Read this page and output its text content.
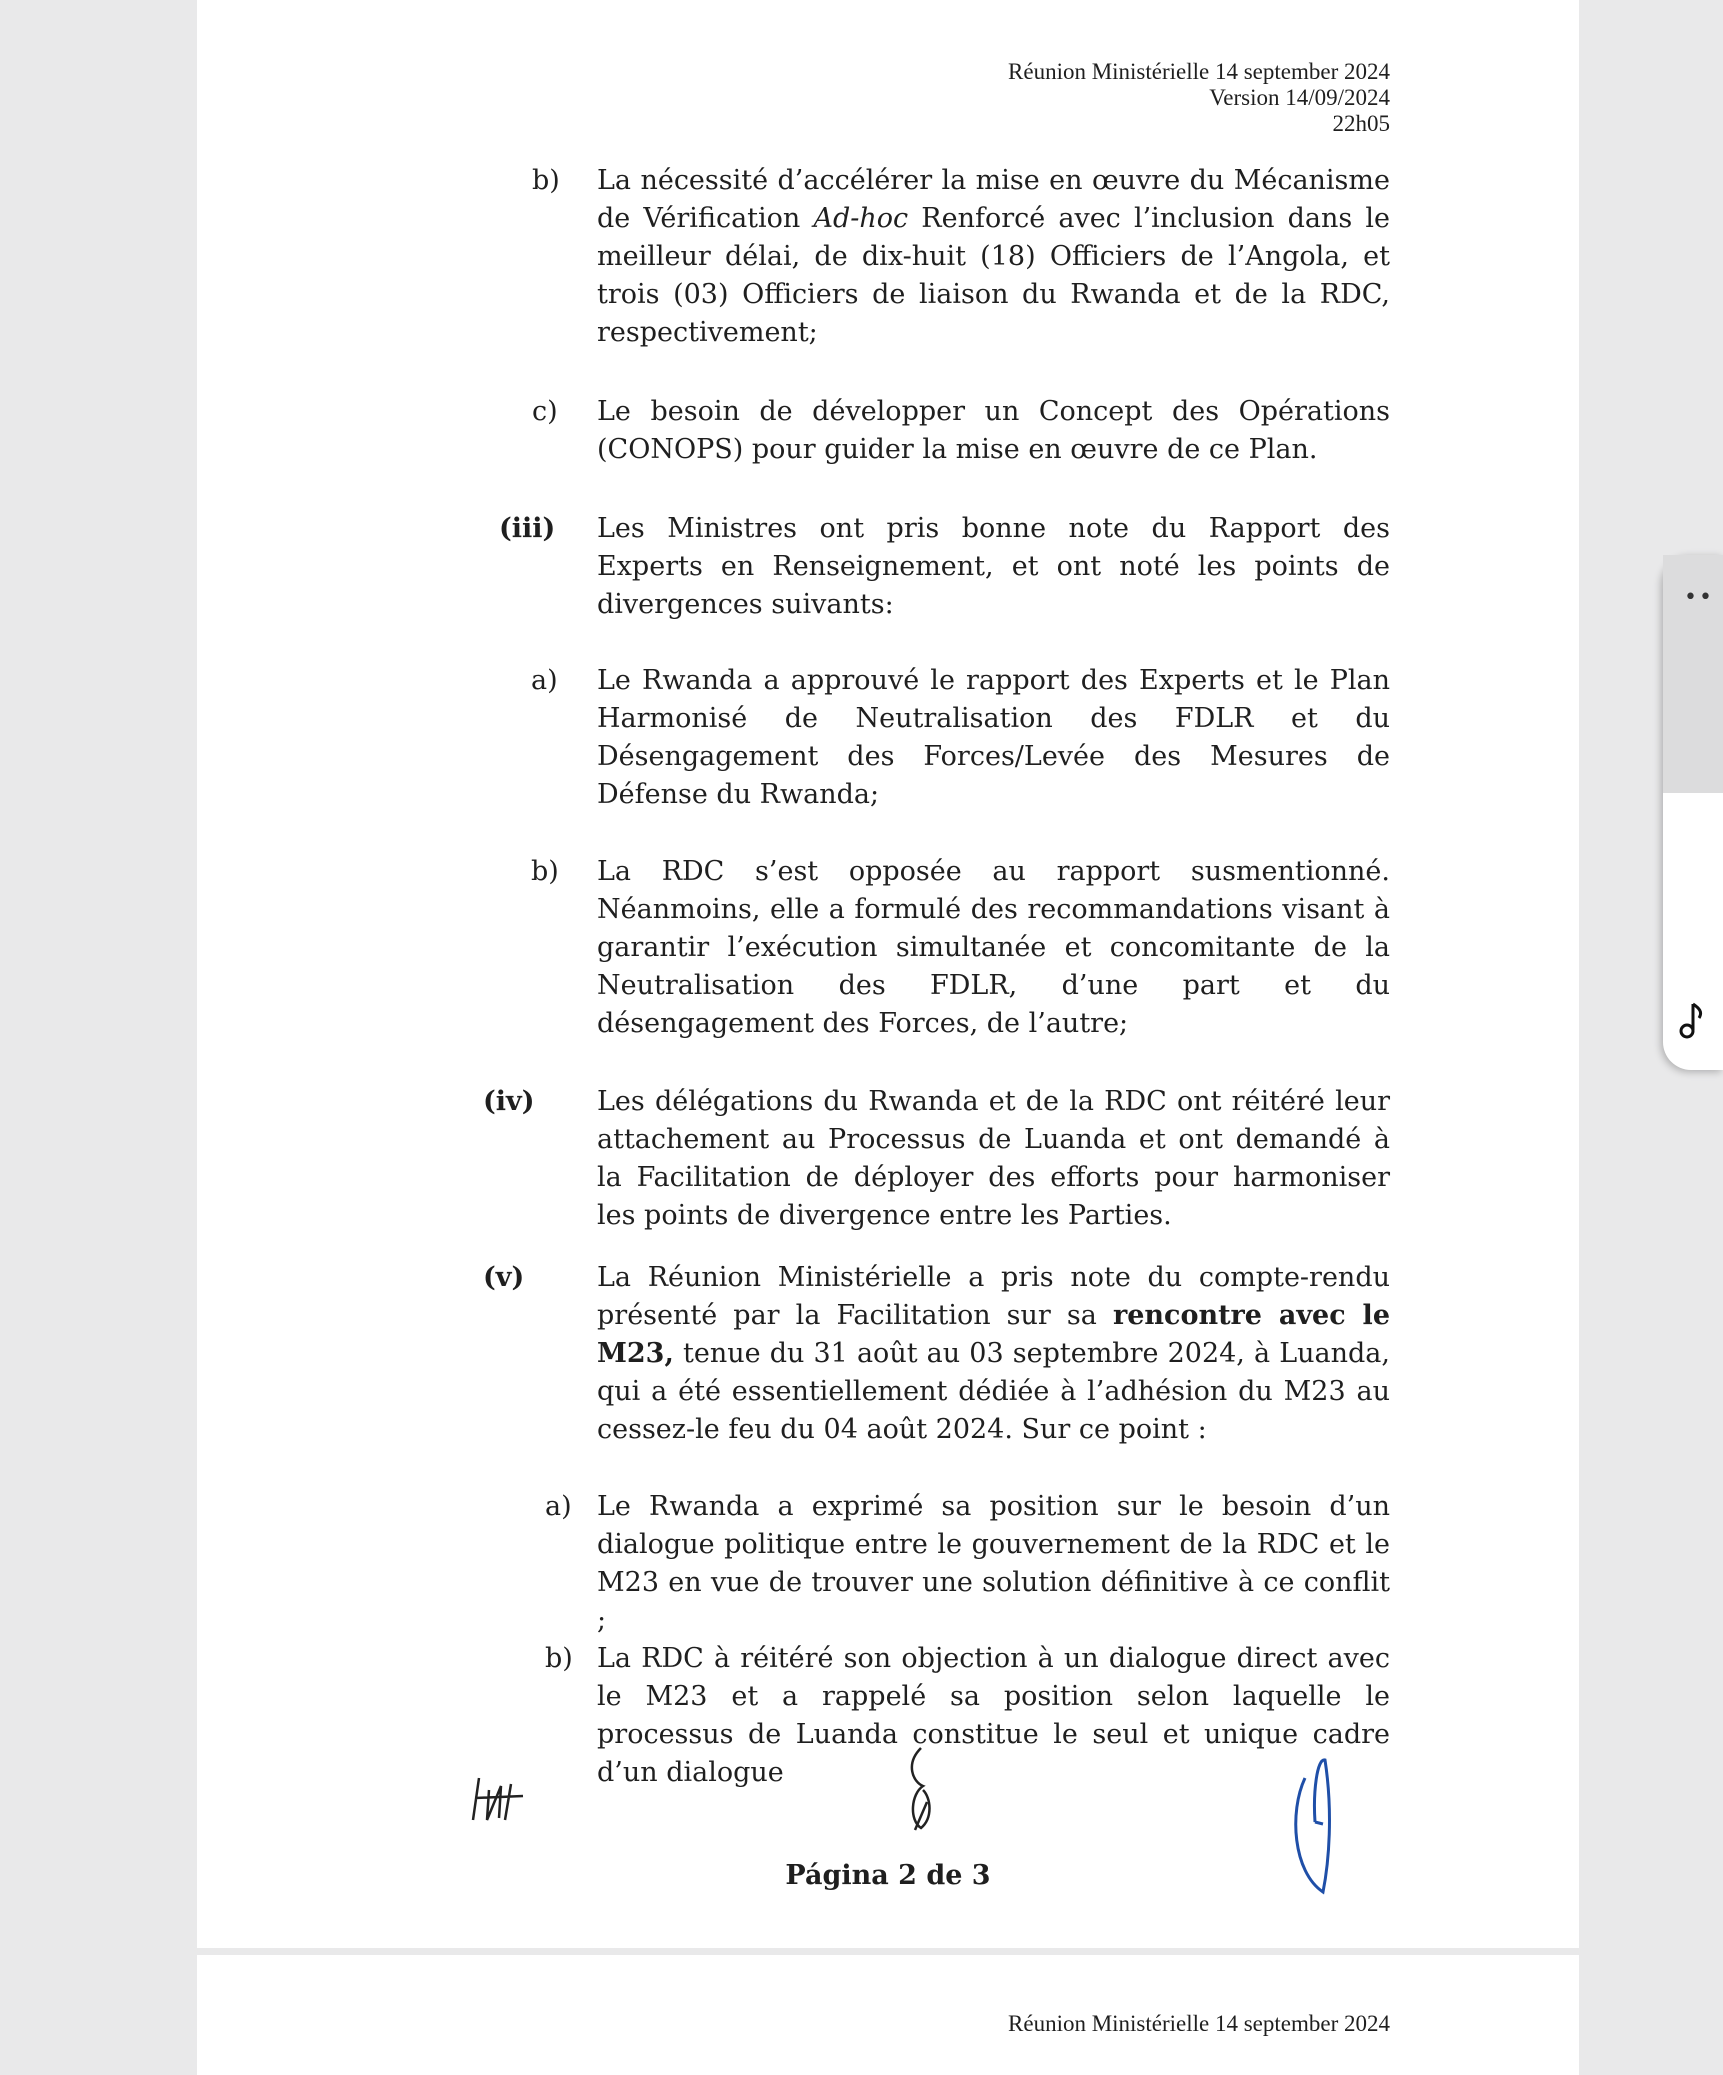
Réunion Ministérielle 14 september 2024
Version 14/09/2024
22h05
b) La nécessité d’accélérer la mise en œuvre du Mécanisme de Vérification Ad-hoc Renforcé avec l’inclusion dans le meilleur délai, de dix-huit (18) Officiers de l’Angola, et trois (03) Officiers de liaison du Rwanda et de la RDC, respectivement;
c) Le besoin de développer un Concept des Opérations (CONOPS) pour guider la mise en œuvre de ce Plan.
(iii) Les Ministres ont pris bonne note du Rapport des Experts en Renseignement, et ont noté les points de divergences suivants:
a) Le Rwanda a approuvé le rapport des Experts et le Plan Harmonisé de Neutralisation des FDLR et du Désengagement des Forces/Levée des Mesures de Défense du Rwanda;
b) La RDC s’est opposée au rapport susmentionné. Néanmoins, elle a formulé des recommandations visant à garantir l’exécution simultanée et concomitante de la Neutralisation des FDLR, d’une part et du désengagement des Forces, de l’autre;
(iv) Les délégations du Rwanda et de la RDC ont réitéré leur attachement au Processus de Luanda et ont demandé à la Facilitation de déployer des efforts pour harmoniser les points de divergence entre les Parties.
(v)	La Réunion Ministérielle a pris note du compte-rendu présenté par la Facilitation sur sa rencontre avec le M23, tenue du 31 août au 03 septembre 2024, à Luanda, qui a été essentiellement dédiée à l’adhésion du M23 au cessez-le feu du 04 août 2024. Sur ce point :
a) Le Rwanda a exprimé sa position sur le besoin d’un dialogue politique entre le gouvernement de la RDC et le M23 en vue de trouver une solution définitive à ce conflit ;
b) La RDC à réitéré son objection à un dialogue direct avec le M23 et a rappelé sa position selon laquelle le processus de Luanda constitue le seul et unique cadre d’un dialogue
Página 2 de 3
Réunion Ministérielle 14 september 2024
••
